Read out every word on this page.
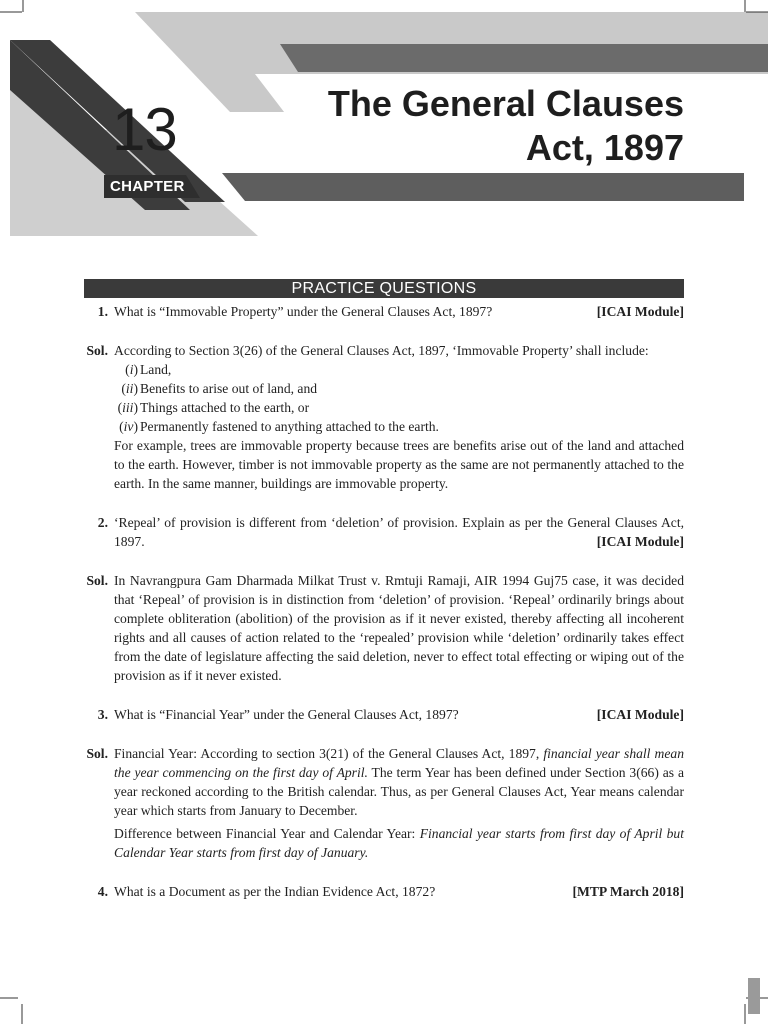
13
CHAPTER
The General Clauses
Act, 1897
PRACTICE QUESTIONS
1.	[ICAI Module]
What is “Immovable Property” under the General Clauses Act, 1897?
Sol. According to Section 3(26) of the General Clauses Act, 1897, ‘Immovable Property’ shall include:
(i) Land,
(ii) Benefits to arise out of land, and
(iii) Things attached to the earth, or
(iv) Permanently fastened to anything attached to the earth.

For example, trees are immovable property because trees are benefits arise out of the land and attached to the earth. However, timber is not immovable property as the same are not permanently attached to the earth. In the same manner, buildings are immovable property.

2. ‘Repeal’ of provision is different from ‘deletion’ of provision. Explain as per the General Clauses Act, 1897.	[ICAI Module]
Sol. In Navrangpura Gam Dharmada Milkat Trust v. Rmtuji Ramaji, AIR 1994 Guj75 case, it was decided that ‘Repeal’ of provision is in distinction from ‘deletion’ of provision. ‘Repeal’ ordinarily brings about complete obliteration (abolition) of the provision as if it never existed, thereby affecting all incoherent rights and all causes of action related to the ‘repealed’ provision while ‘deletion’ ordinarily takes effect from the date of legislature affecting the said deletion, never to effect total effecting or wiping out of the provision as if it never existed.
3.	[ICAI Module]
What is “Financial Year” under the General Clauses Act, 1897?
Sol. Financial Year: According to section 3(21) of the General Clauses Act, 1897, financial year shall mean the year commencing on the first day of April. The term Year has been defined under Section 3(66) as a year reckoned according to the British calendar. Thus, as per General Clauses Act, Year means calendar year which starts from January to December.

Difference between Financial Year and Calendar Year: Financial year starts from first day of April but Calendar Year starts from first day of January.

4.	[MTP March 2018]
What is a Document as per the Indian Evidence Act, 1872?
